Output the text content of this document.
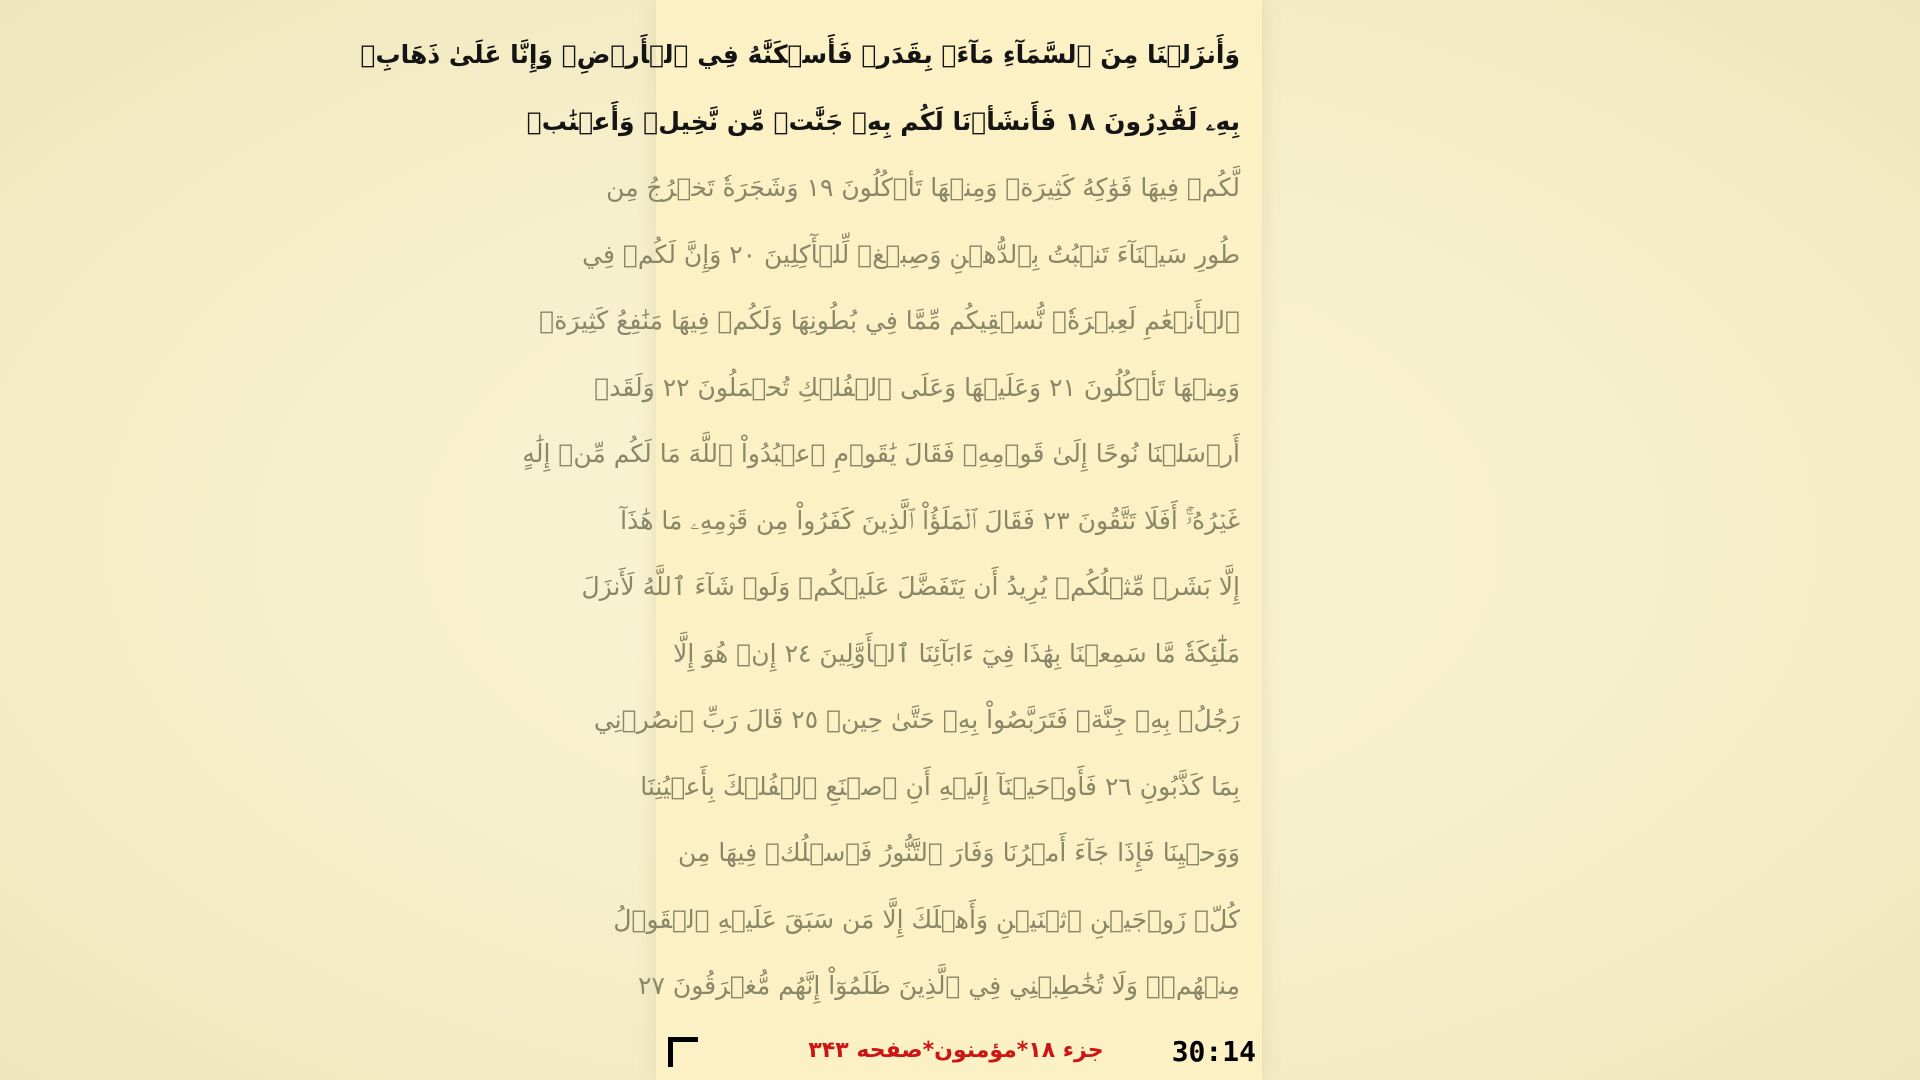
وَأَنزَلۡنَا مِنَ ٱلسَّمَآءِ مَآءَۢ بِقَدَرٖ فَأَسۡكَنَّٰهُ فِي ٱلۡأَرۡضِۖ وَإِنَّا عَلَىٰ ذَهَابِۭ
بِهِۦ لَقَٰدِرُونَ ١٨ فَأَنشَأۡنَا لَكُم بِهِۦ جَنَّٰتٖ مِّن نَّخِيلٖ وَأَعۡنَٰبٖ
لَّكُمۡ فِيهَا فَوَٰكِهُ كَثِيرَةٞ وَمِنۡهَا تَأۡكُلُونَ ١٩ وَشَجَرَةٗ تَخۡرُجُ مِن
طُورِ سَيۡنَآءَ تَنۢبُتُ بِٱلدُّهۡنِ وَصِبۡغٖ لِّلۡأٓكِلِينَ ٢٠ وَإِنَّ لَكُمۡ فِي
ٱلۡأَنۡعَٰمِ لَعِبۡرَةٗۖ نُّسۡقِيكُم مِّمَّا فِي بُطُونِهَا وَلَكُمۡ فِيهَا مَنَٰفِعُ كَثِيرَةٞ
وَمِنۡهَا تَأۡكُلُونَ ٢١ وَعَلَيۡهَا وَعَلَى ٱلۡفُلۡكِ تُحۡمَلُونَ ٢٢ وَلَقَدۡ
أَرۡسَلۡنَا نُوحًا إِلَىٰ قَوۡمِهِۦ فَقَالَ يَٰقَوۡمِ ٱعۡبُدُواْ ٱللَّهَ مَا لَكُم مِّنۡ إِلَٰهٍ
غَيۡرُهُۥٓۚ أَفَلَا تَتَّقُونَ ٢٣ فَقَالَ ٱلۡمَلَؤُاْ ٱلَّذِينَ كَفَرُواْ مِن قَوۡمِهِۦ مَا هَٰذَآ
إِلَّا بَشَرٞ مِّثۡلُكُمۡ يُرِيدُ أَن يَتَفَضَّلَ عَلَيۡكُمۡ وَلَوۡ شَآءَ ٱللَّهُ لَأَنزَلَ
مَلَٰٓئِكَةٗ مَّا سَمِعۡنَا بِهَٰذَا فِيٓ ءَابَآئِنَا ٱلۡأَوَّلِينَ ٢٤ إِنۡ هُوَ إِلَّا
رَجُلُۢ بِهِۦ جِنَّةٞ فَتَرَبَّصُواْ بِهِۦ حَتَّىٰ حِينٖ ٢٥ قَالَ رَبِّ ٱنصُرۡنِي
بِمَا كَذَّبُونِ ٢٦ فَأَوۡحَيۡنَآ إِلَيۡهِ أَنِ ٱصۡنَعِ ٱلۡفُلۡكَ بِأَعۡيُنِنَا
وَوَحۡيِنَا فَإِذَا جَآءَ أَمۡرُنَا وَفَارَ ٱلتَّنُّورُ فَٱسۡلُكۡ فِيهَا مِن
كُلّٖ زَوۡجَيۡنِ ٱثۡنَيۡنِ وَأَهۡلَكَ إِلَّا مَن سَبَقَ عَلَيۡهِ ٱلۡقَوۡلُ
مِنۡهُمۡۖ وَلَا تُخَٰطِبۡنِي فِي ٱلَّذِينَ ظَلَمُوٓاْ إِنَّهُم مُّغۡرَقُونَ ٢٧
جزء ۱۸*مؤمنون*صفحه ۳۴۳ 30:14
